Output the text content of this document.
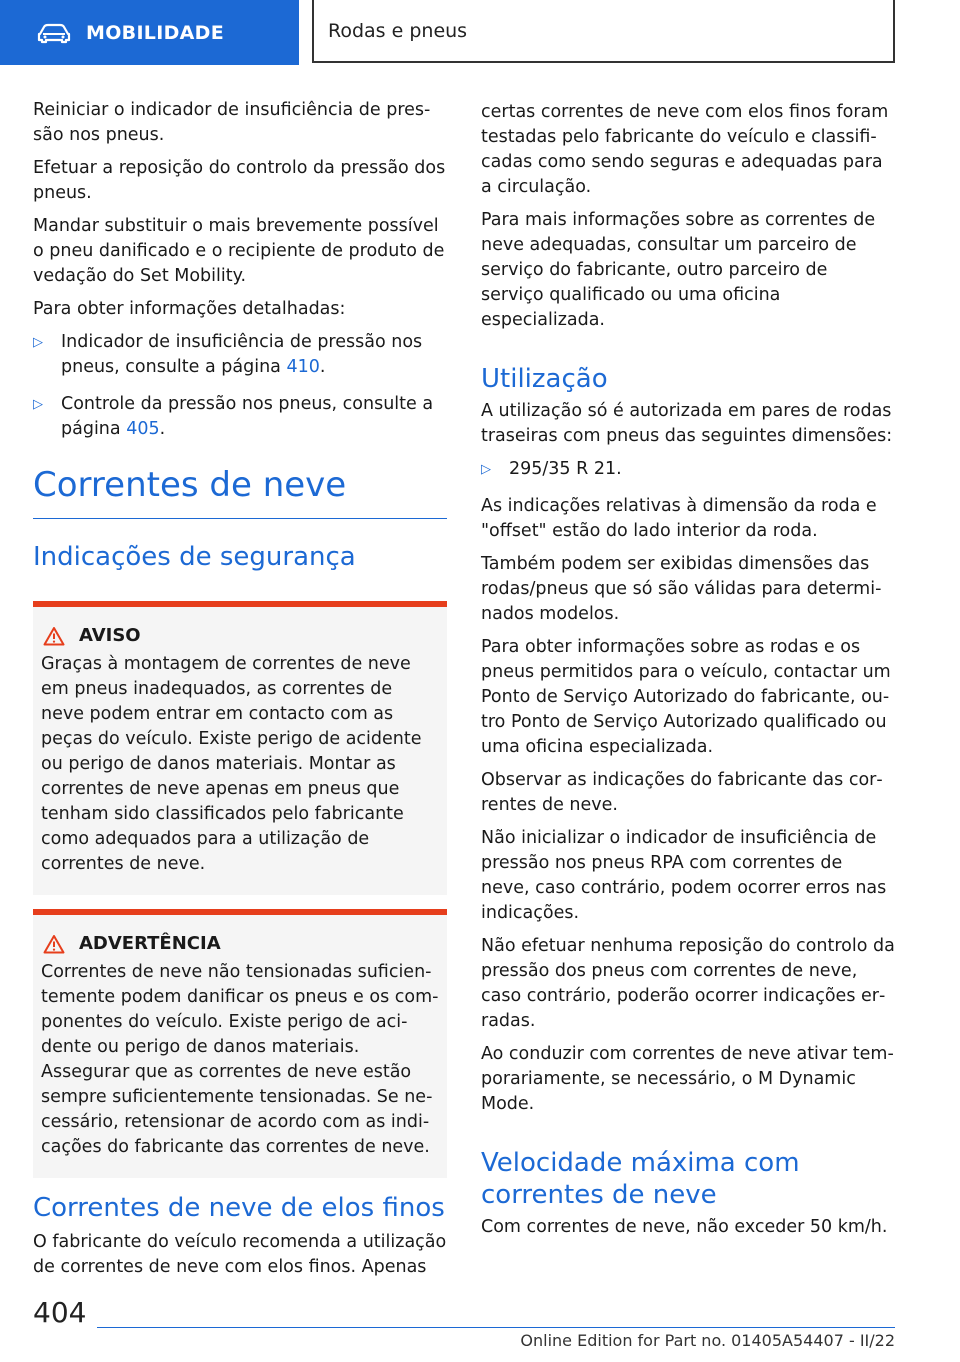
MOBILIDADE	Rodas e pneus

Reiniciar o indicador de insuficiência de pressão nos pneus.

Efetuar a reposição do controlo da pressão dos pneus.

Mandar substituir o mais brevemente possível o pneu danificado e o recipiente de produto de vedação do Set Mobility.

Para obter informações detalhadas:

▷ Indicador de insuficiência de pressão nos pneus, consulte a página 410.
▷ Controle da pressão nos pneus, consulte a página 405.
Correntes de neve
Indicações de segurança
AVISO

Graças à montagem de correntes de neve em pneus inadequados, as correntes de neve podem entrar em contacto com as peças do veículo. Existe perigo de acidente ou perigo de danos materiais. Montar as correntes de neve apenas em pneus que tenham sido classificados pelo fabricante como adequados para a utilização de correntes de neve.

ADVERTÊNCIA

Correntes de neve não tensionadas suficientemente podem danificar os pneus e os componentes do veículo. Existe perigo de acidente ou perigo de danos materiais. Assegurar que as correntes de neve estão sempre suficientemente tensionadas. Se necessário, retensionar de acordo com as indicações do fabricante das correntes de neve.

Correntes de neve de elos finos

O fabricante do veículo recomenda a utilização de correntes de neve com elos finos. Apenas

certas correntes de neve com elos finos foram testadas pelo fabricante do veículo e classificadas como sendo seguras e adequadas para a circulação.

Para mais informações sobre as correntes de neve adequadas, consultar um parceiro de serviço do fabricante, outro parceiro de serviço qualificado ou uma oficina especializada.

Utilização

A utilização só é autorizada em pares de rodas traseiras com pneus das seguintes dimensões:

▷ 295/35 R 21.

As indicações relativas à dimensão da roda e "offset" estão do lado interior da roda.

Também podem ser exibidas dimensões das rodas/pneus que só são válidas para determinados modelos.

Para obter informações sobre as rodas e os pneus permitidos para o veículo, contactar um Ponto de Serviço Autorizado do fabricante, outro Ponto de Serviço Autorizado qualificado ou uma oficina especializada.

Observar as indicações do fabricante das correntes de neve.

Não inicializar o indicador de insuficiência de pressão nos pneus RPA com correntes de neve, caso contrário, podem ocorrer erros nas indicações.

Não efetuar nenhuma reposição do controlo da pressão dos pneus com correntes de neve, caso contrário, poderão ocorrer indicações erradas.

Ao conduzir com correntes de neve ativar temporariamente, se necessário, o M Dynamic Mode.

Velocidade máxima com correntes de neve

Com correntes de neve, não exceder 50 km/h.

404
Online Edition for Part no. 01405A54407 - II/22
